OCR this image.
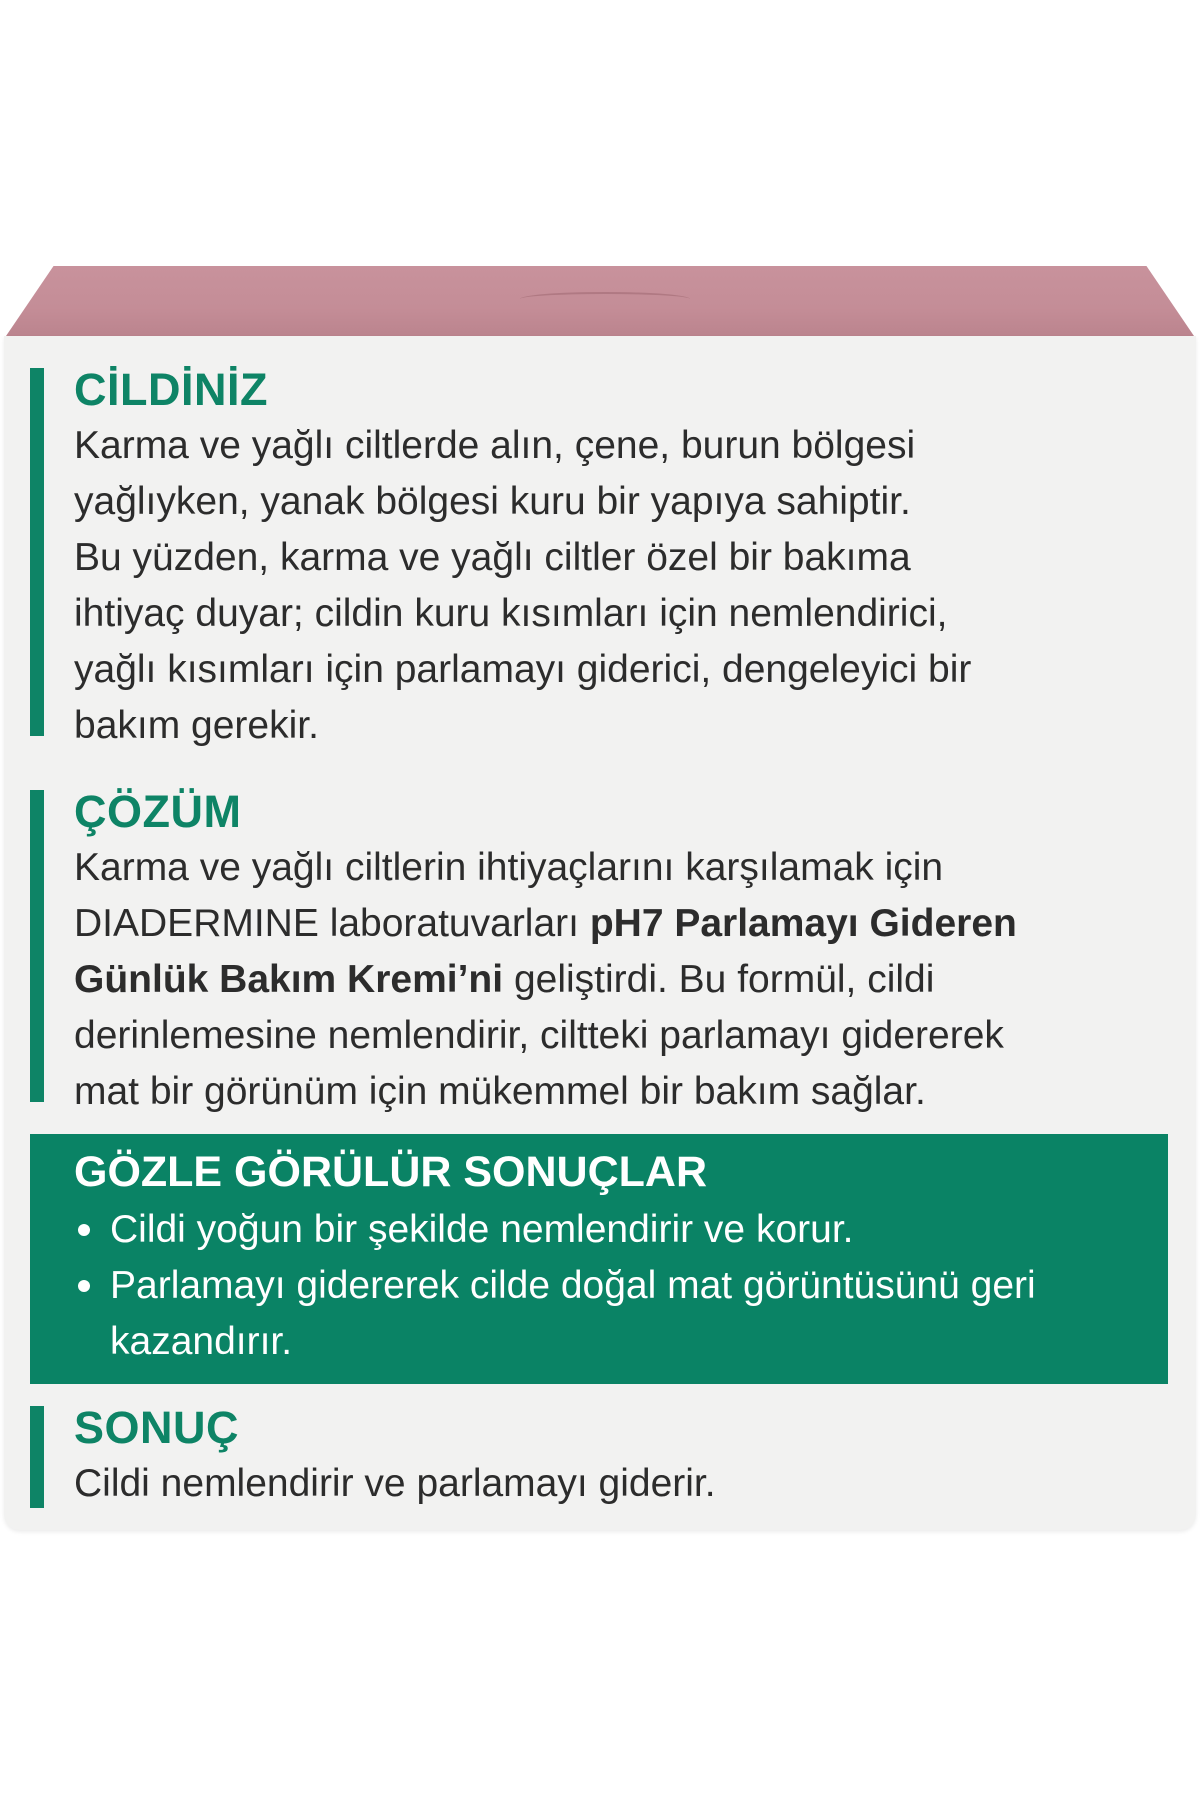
CİLDİNİZ
Karma ve yağlı ciltlerde alın, çene, burun bölgesi
yağlıyken, yanak bölgesi kuru bir yapıya sahiptir.
Bu yüzden, karma ve yağlı ciltler özel bir bakıma
ihtiyaç duyar; cildin kuru kısımları için nemlendirici,
yağlı kısımları için parlamayı giderici, dengeleyici bir
bakım gerekir.
ÇÖZÜM
Karma ve yağlı ciltlerin ihtiyaçlarını karşılamak için
DIADERMINE laboratuvarları pH7 Parlamayı Gideren
Günlük Bakım Kremi’ni geliştirdi. Bu formül, cildi
derinlemesine nemlendirir, ciltteki parlamayı gidererek
mat bir görünüm için mükemmel bir bakım sağlar.
GÖZLE GÖRÜLÜR SONUÇLAR
Cildi yoğun bir şekilde nemlendirir ve korur.
Parlamayı gidererek cilde doğal mat görüntüsünü geri kazandırır.
SONUÇ
Cildi nemlendirir ve parlamayı giderir.
